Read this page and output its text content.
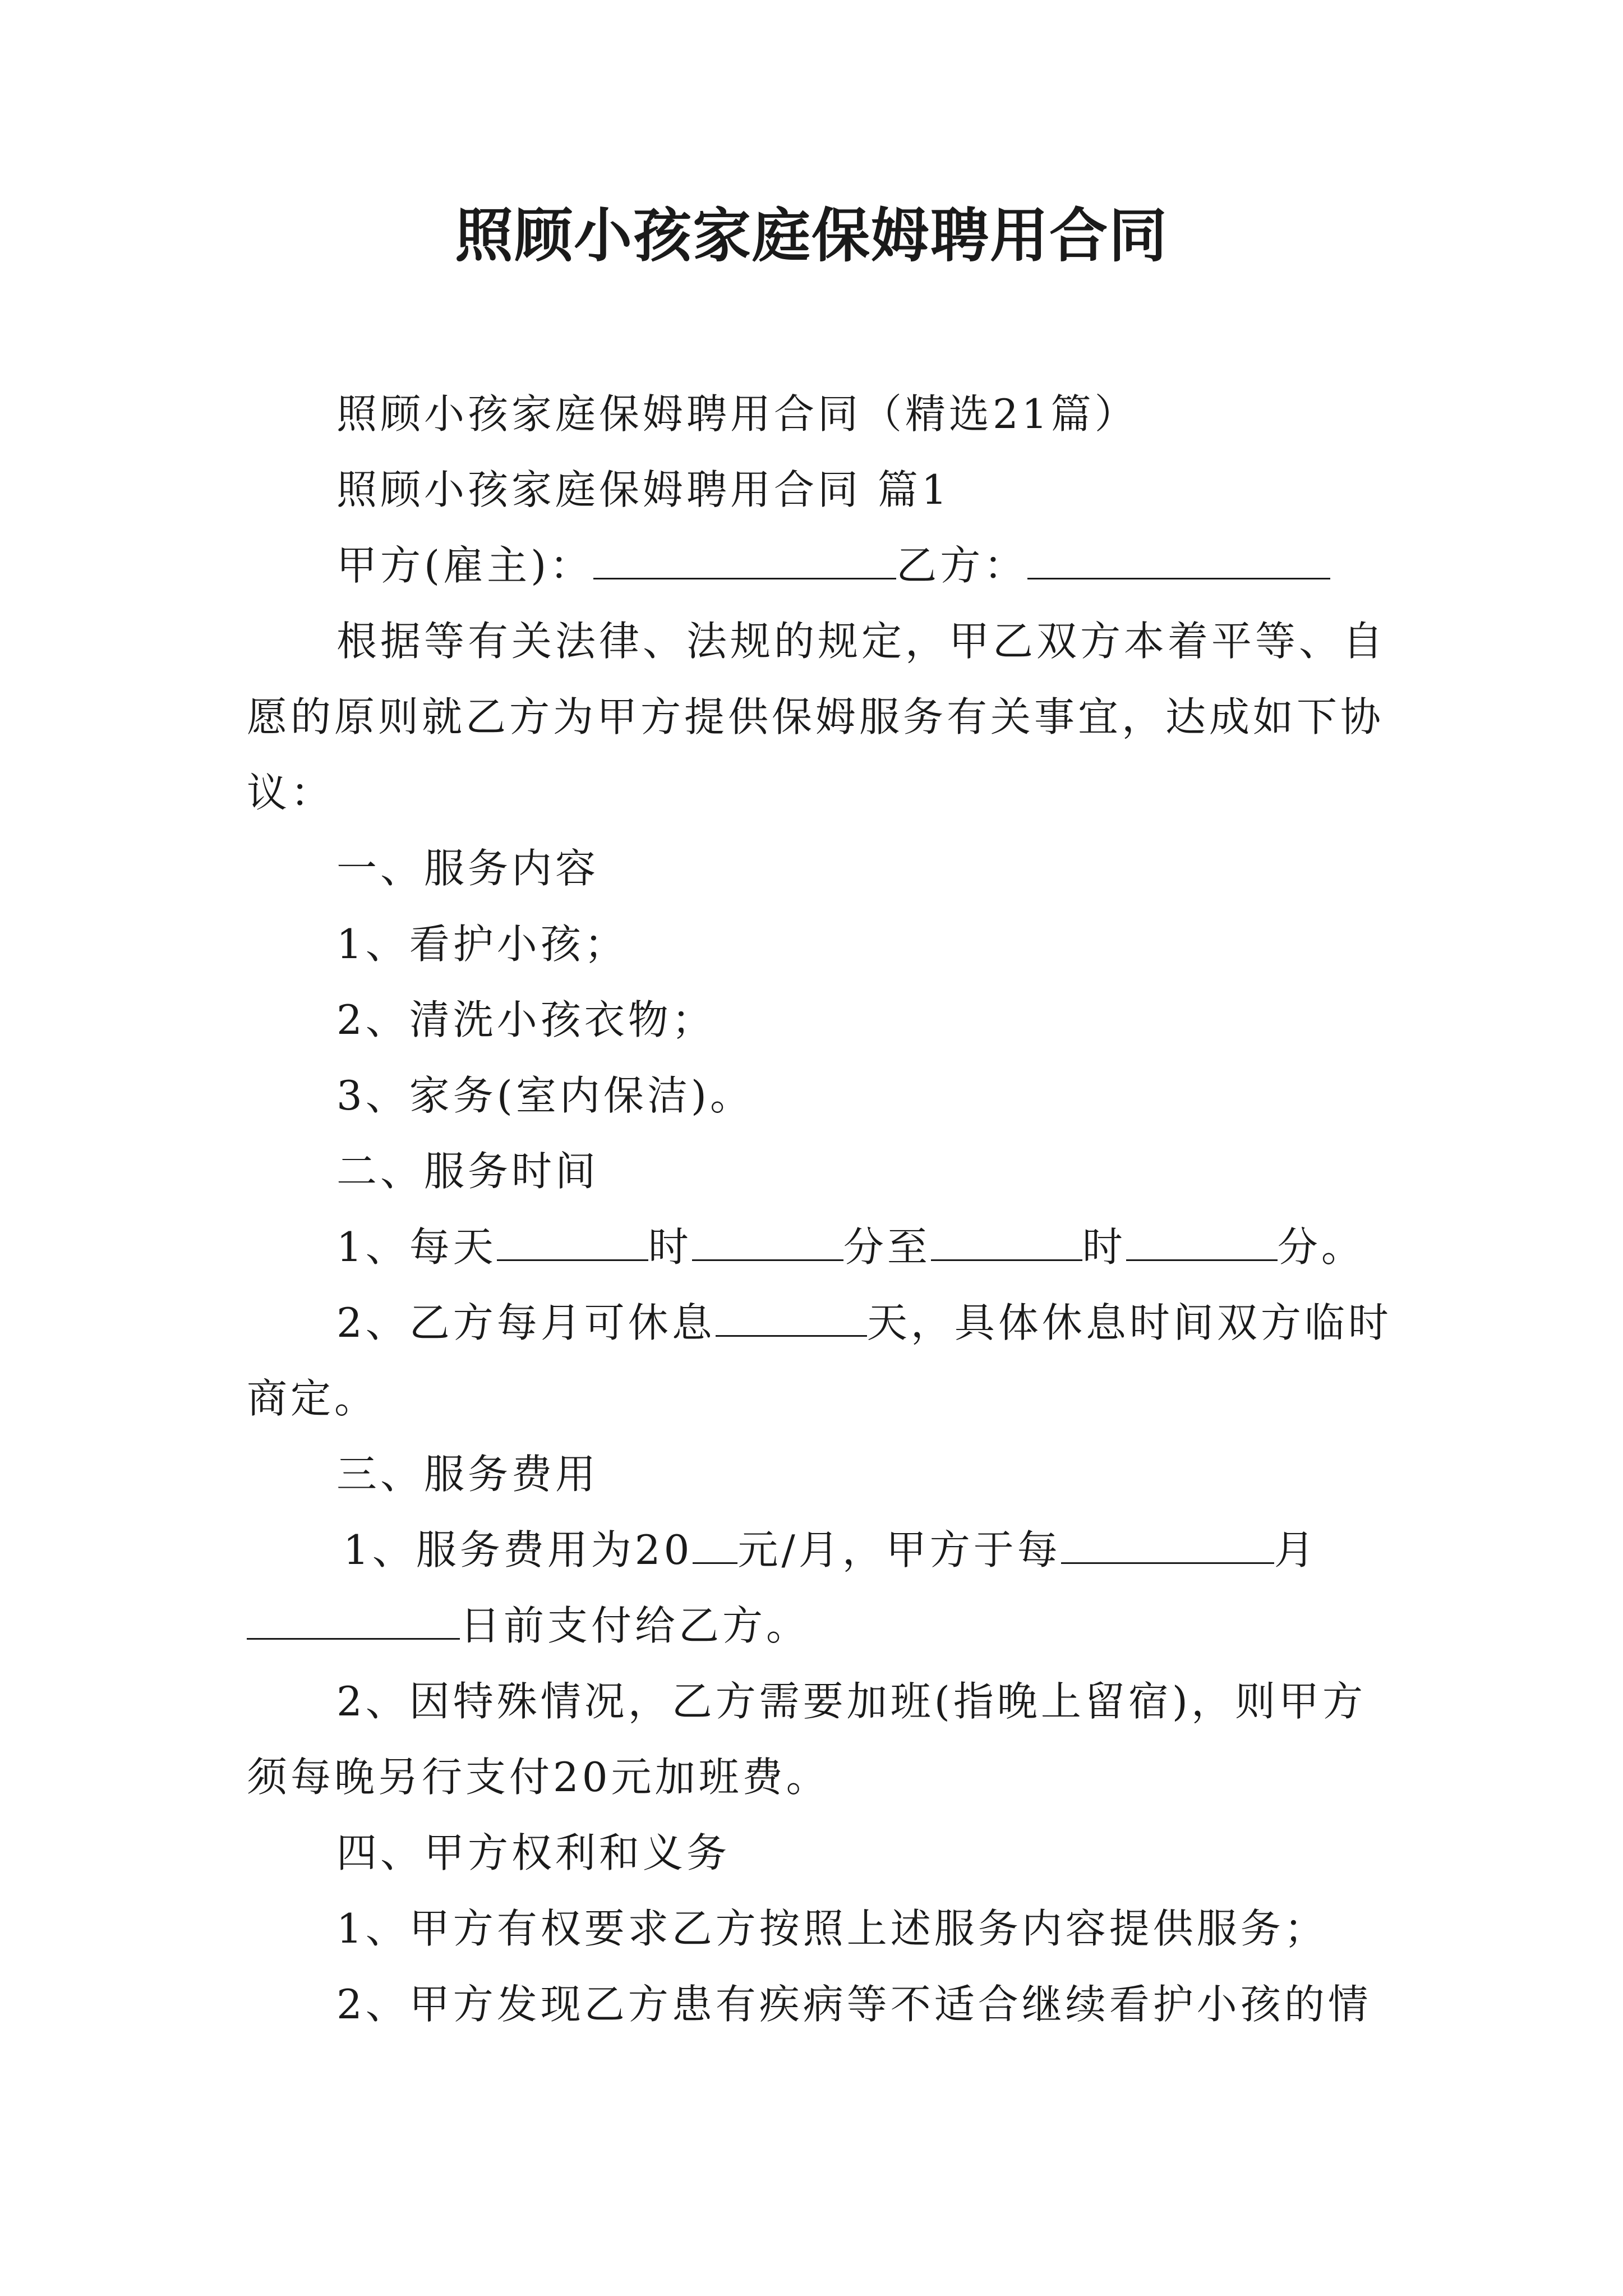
照顾小孩家庭保姆聘用合同
照顾小孩家庭保姆聘用合同（精选21篇）
照顾小孩家庭保姆聘用合同 篇1
甲方(雇主)：	乙方：
根据等有关法律、法规的规定，甲乙双方本着平等、自
愿的原则就乙方为甲方提供保姆服务有关事宜，达成如下协
议：
一、服务内容
1、看护小孩；
2、清洗小孩衣物；
3、家务(室内保洁)。
二、服务时间
1、每天	时	分至	时	分。
2、乙方每月可休息	天，具体休息时间双方临时
商定。
三、服务费用
1、服务费用为20 元/月，甲方于每	月
日前支付给乙方。
2、因特殊情况，乙方需要加班(指晚上留宿)，则甲方
须每晚另行支付20元加班费。
四、甲方权利和义务
1、甲方有权要求乙方按照上述服务内容提供服务；
2、甲方发现乙方患有疾病等不适合继续看护小孩的情
